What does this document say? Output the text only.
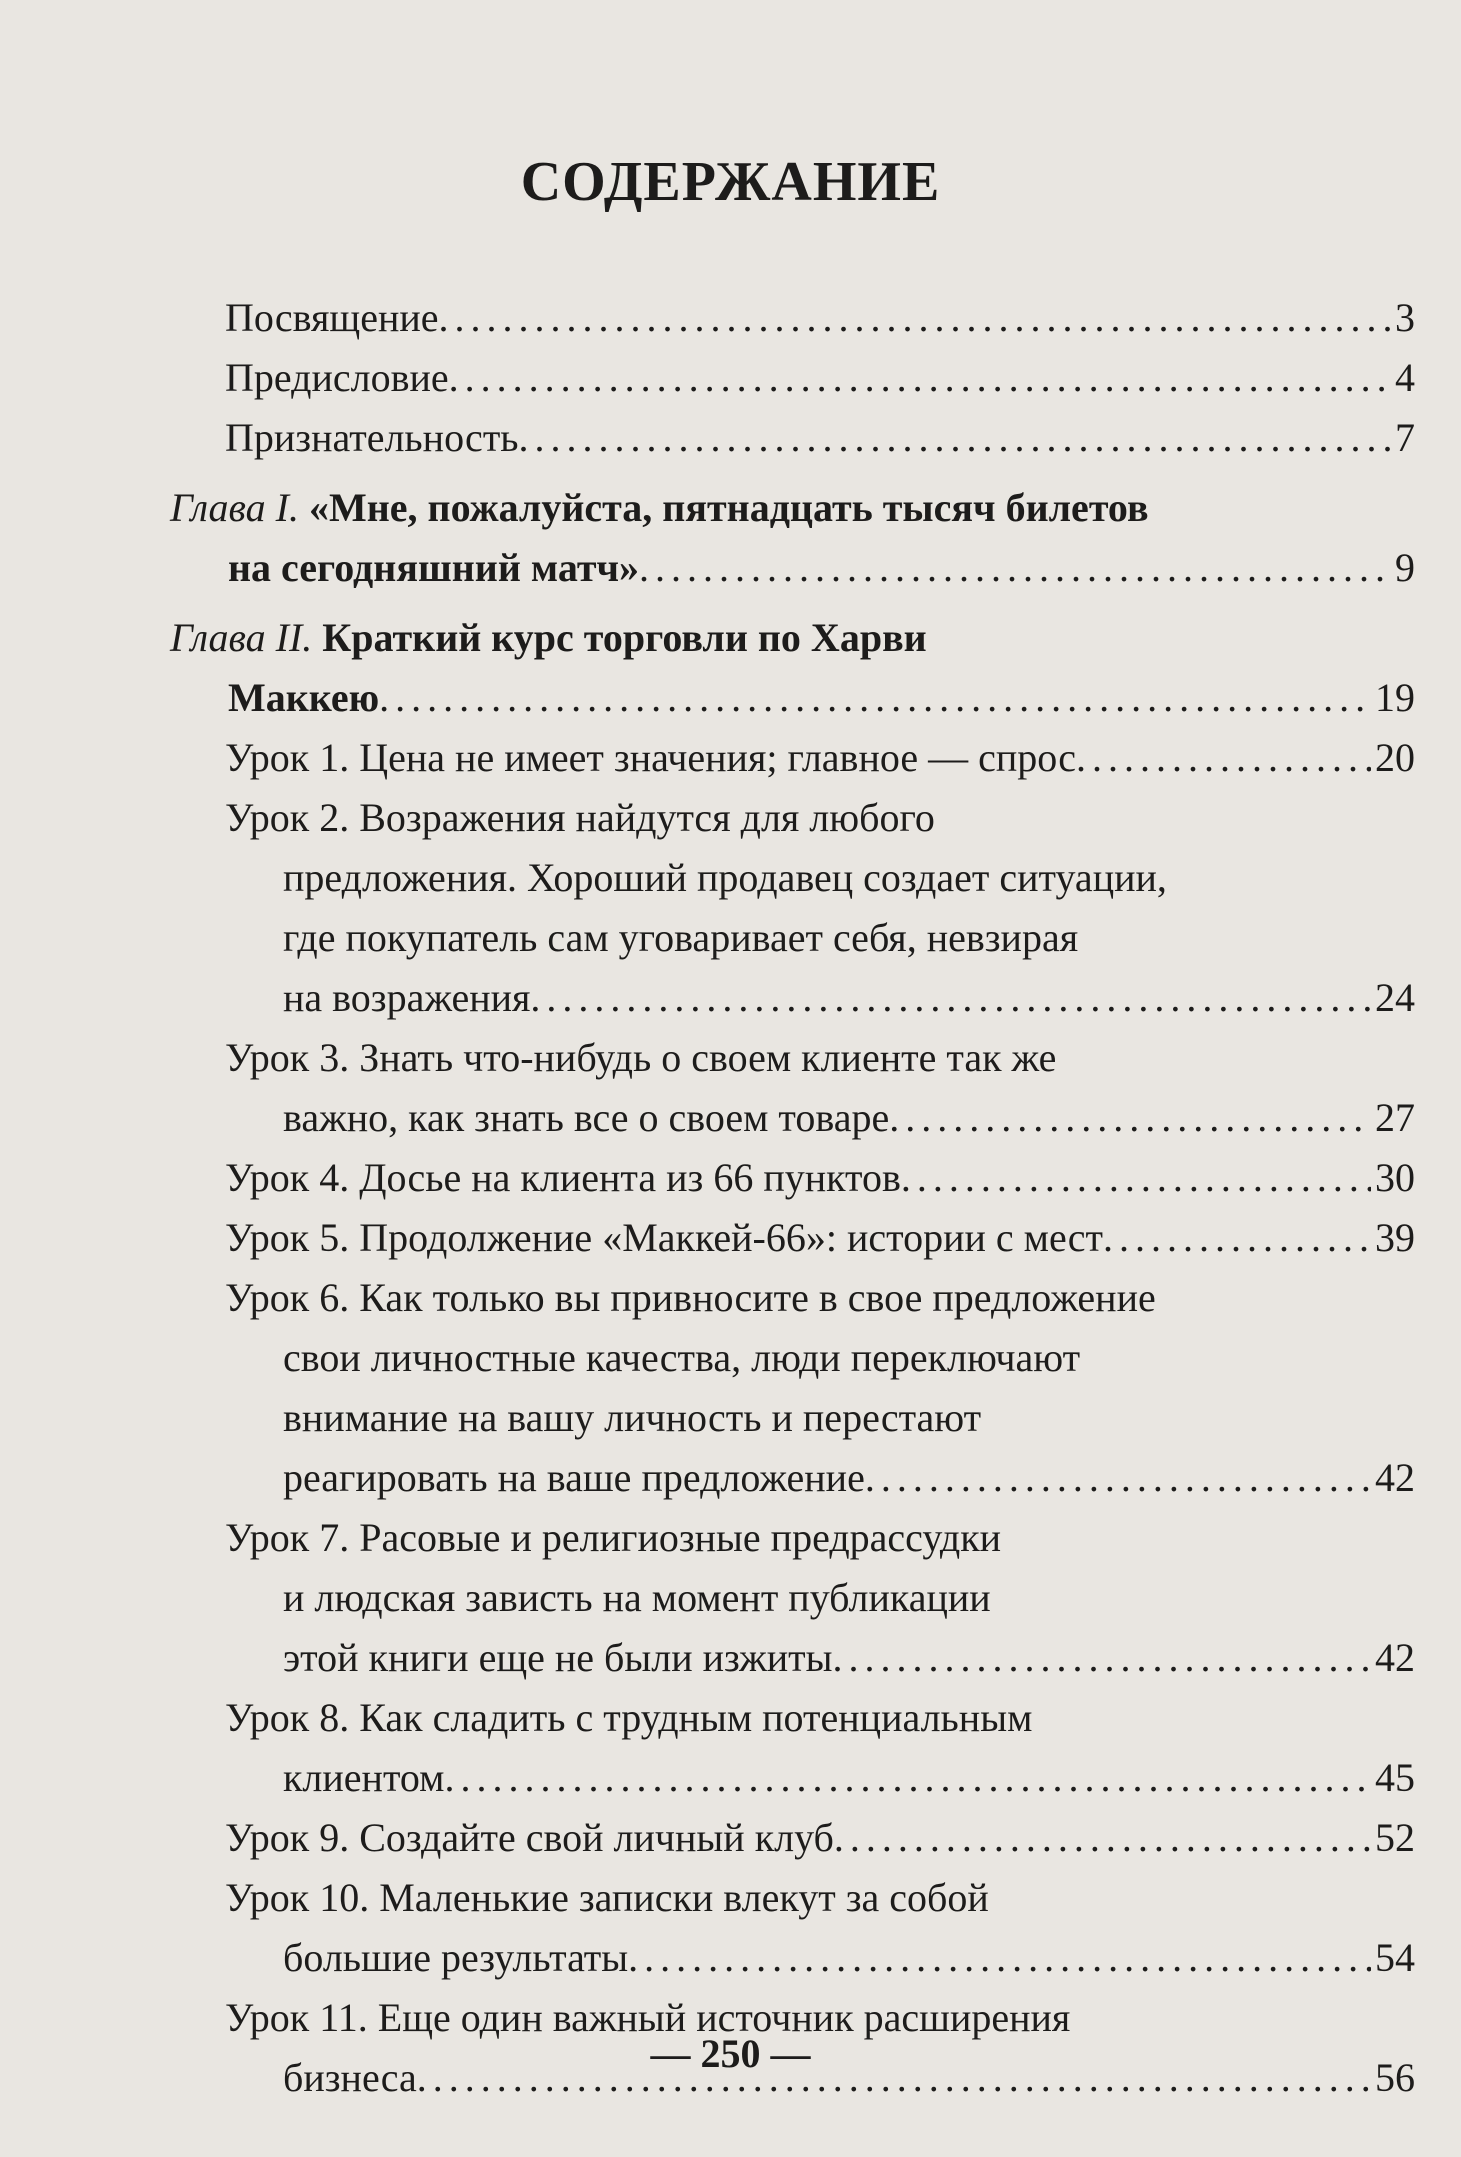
СОДЕРЖАНИЕ
Посвящение . . .	3
Предисловие . . .	4
Признательность . . .	7
Глава I. «Мне, пожалуйста, пятнадцать тысяч билетов
на сегодняшний матч» . . .	9
Глава II. Краткий курс торговли по Харви
Маккею . . .	19
Урок 1. Цена не имеет значения; главное — спрос . . .	20
Урок 2. Возражения найдутся для любого
предложения. Хороший продавец создает ситуации,
где покупатель сам уговаривает себя, невзирая
на возражения . . .	24
Урок 3. Знать что-нибудь о своем клиенте так же
важно, как знать все о своем товаре . . .	27
Урок 4. Досье на клиента из 66 пунктов . . .	30
Урок 5. Продолжение «Маккей-66»: истории с мест . . .	39
Урок 6. Как только вы привносите в свое предложение
свои личностные качества, люди переключают
внимание на вашу личность и перестают
реагировать на ваше предложение . . .	42
Урок 7. Расовые и религиозные предрассудки
и людская зависть на момент публикации
этой книги еще не были изжиты . . .	42
Урок 8. Как сладить с трудным потенциальным
клиентом . . .	45
Урок 9. Создайте свой личный клуб . . .	52
Урок 10. Маленькие записки влекут за собой
большие результаты . . .	54
Урок 11. Еще один важный источник расширения
бизнеса . . .	56
— 250 —
